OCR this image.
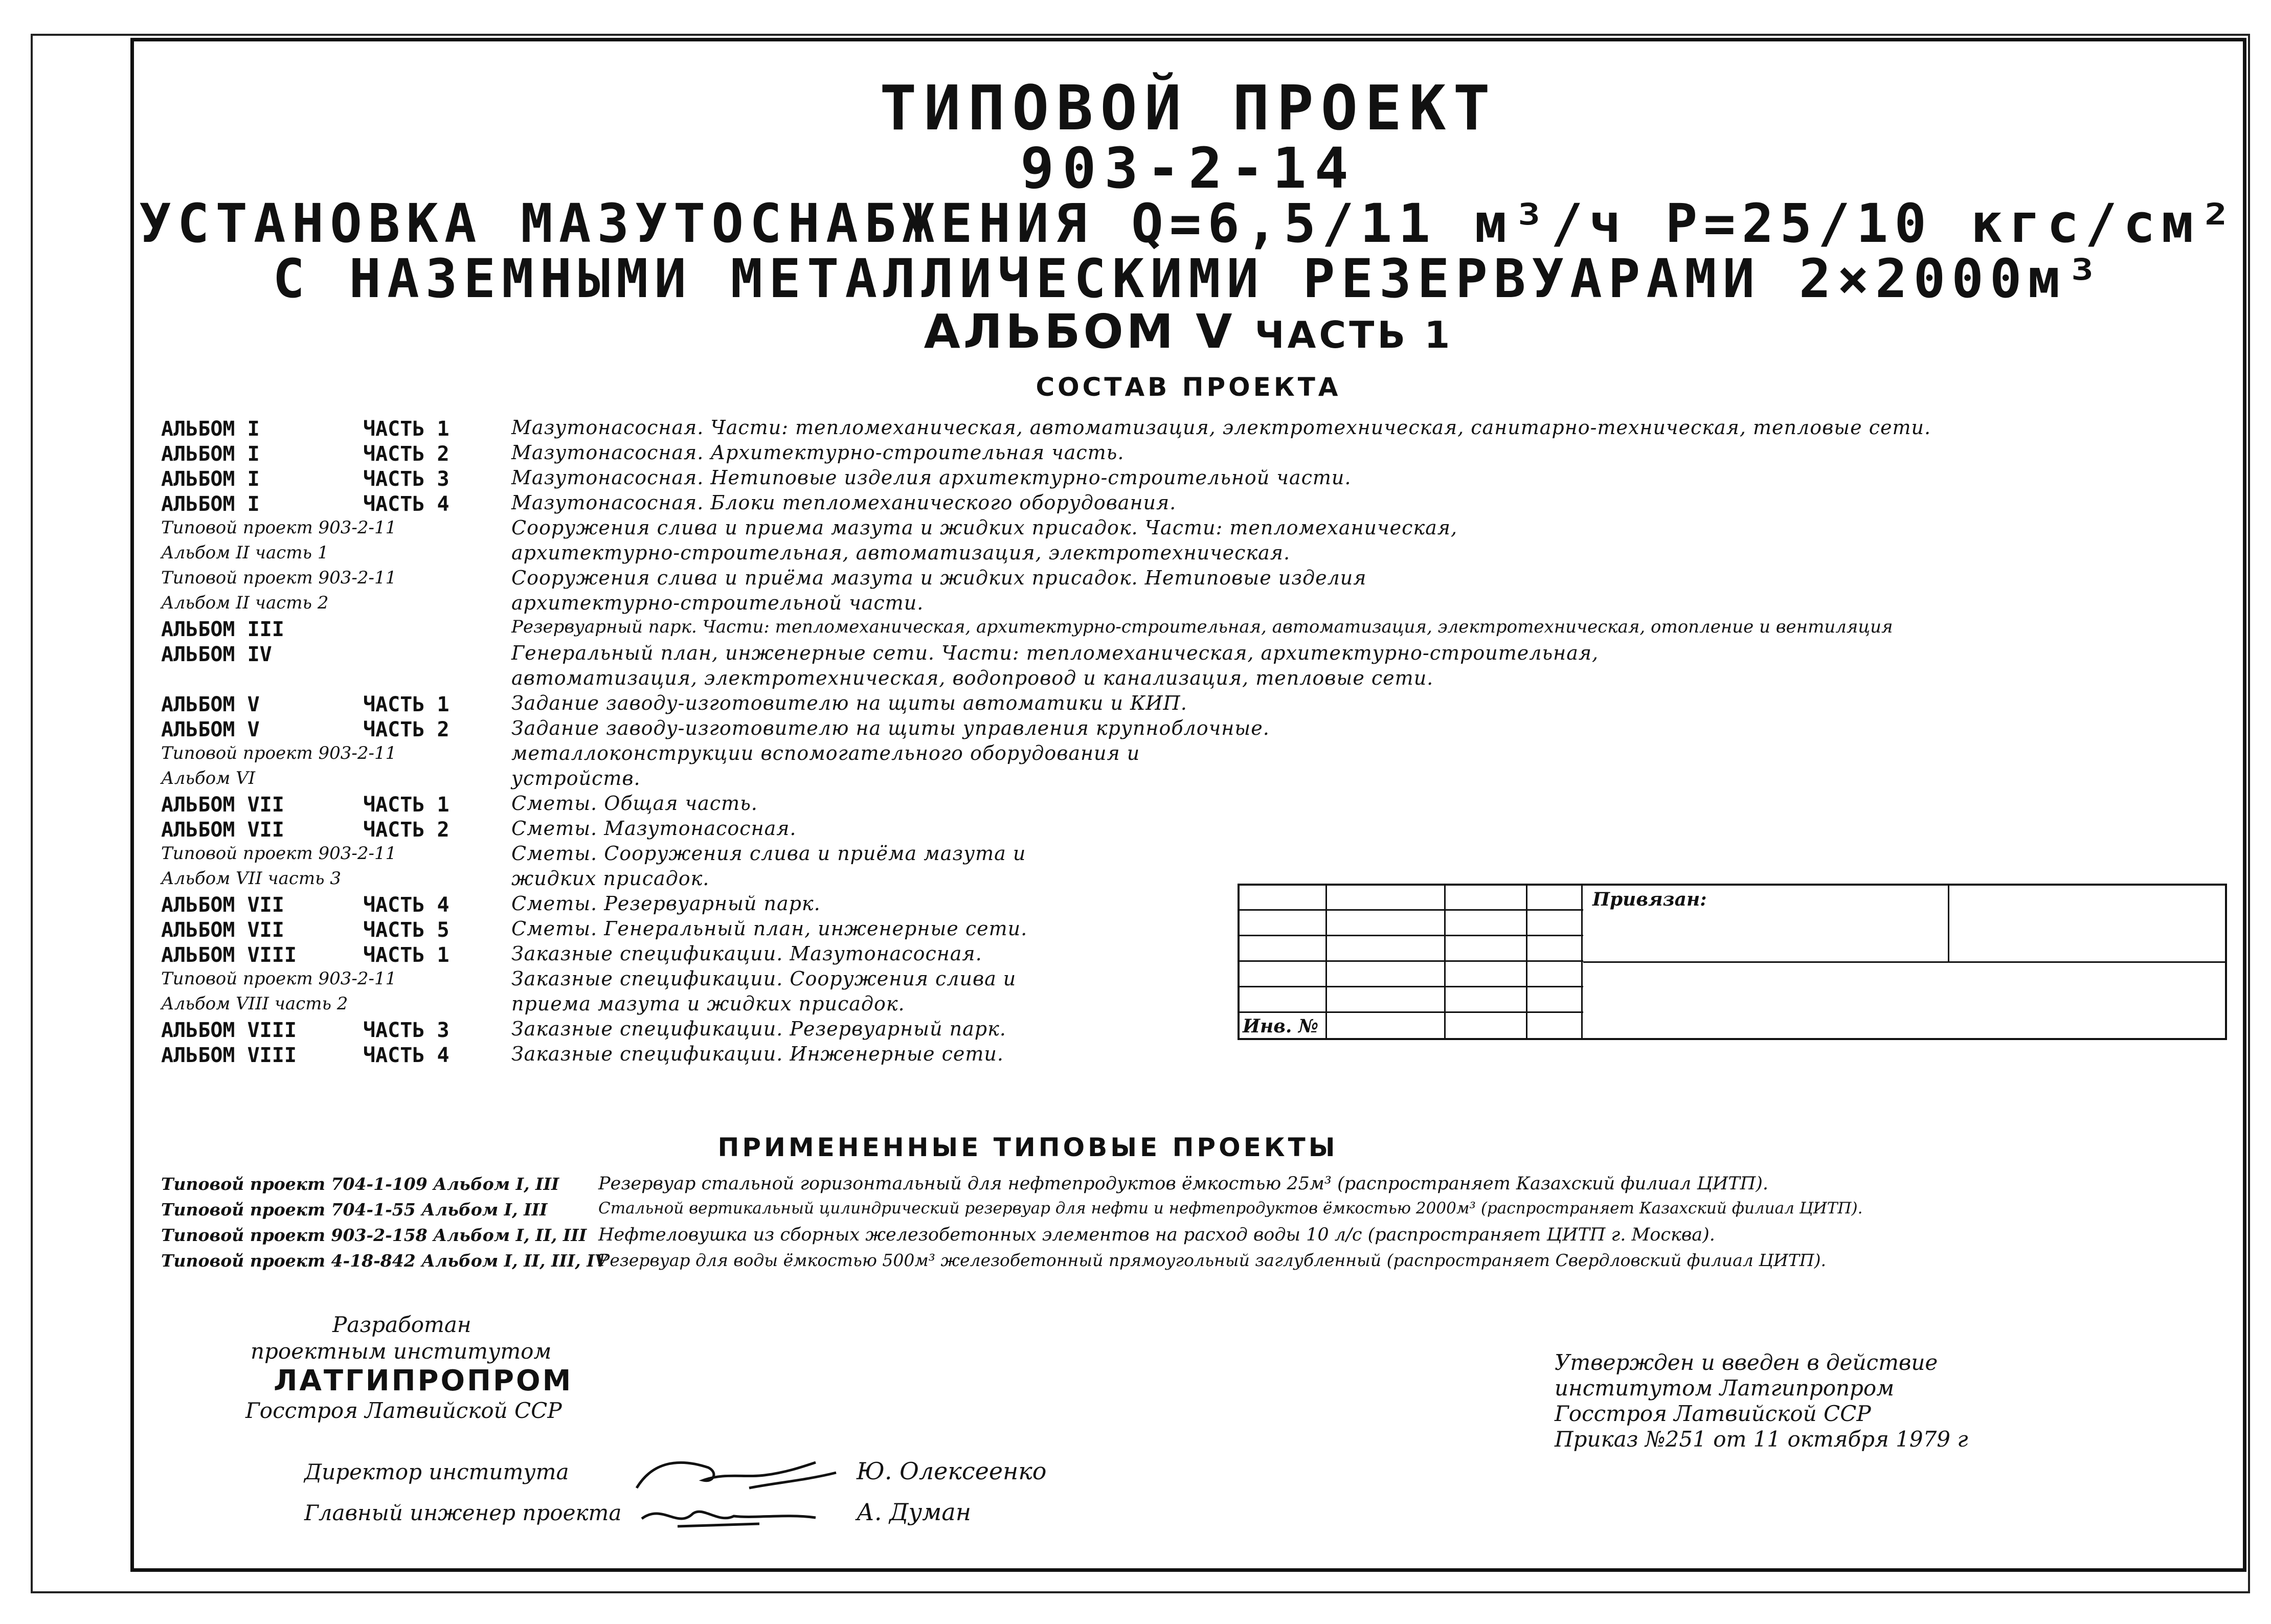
ТИПОВОЙ ПРОЕКТ
903-2-14
УСТАНОВКА МАЗУТОСНАБЖЕНИЯ Q=6,5/11 м³/ч P=25/10 кгс/см²
С НАЗЕМНЫМИ МЕТАЛЛИЧЕСКИМИ РЕЗЕРВУАРАМИ 2×2000м³
АЛЬБОМ V ЧАСТЬ 1
СОСТАВ ПРОЕКТА
АЛЬБОМ I	ЧАСТЬ 1	Мазутонасосная. Части: тепломеханическая, автоматизация, электротехническая, санитарно-техническая, тепловые сети.
АЛЬБОМ I	ЧАСТЬ 2	Мазутонасосная. Архитектурно-строительная часть.
АЛЬБОМ I	ЧАСТЬ 3	Мазутонасосная. Нетиповые изделия архитектурно-строительной части.
АЛЬБОМ I	ЧАСТЬ 4	Мазутонасосная. Блоки тепломеханического оборудования.
Типовой проект 903-2-11	Сооружения слива и приема мазута и жидких присадок. Части: тепломеханическая,
Альбом II часть 1	архитектурно-строительная, автоматизация, электротехническая.
Типовой проект 903-2-11	Сооружения слива и приёма мазута и жидких присадок. Нетиповые изделия
Альбом II часть 2	архитектурно-строительной части.
АЛЬБОМ III	Резервуарный парк. Части: тепломеханическая, архитектурно-строительная, автоматизация, электротехническая, отопление и вентиляция
АЛЬБОМ IV	Генеральный план, инженерные сети. Части: тепломеханическая, архитектурно-строительная,
автоматизация, электротехническая, водопровод и канализация, тепловые сети.
АЛЬБОМ V	ЧАСТЬ 1	Задание заводу-изготовителю на щиты автоматики и КИП.
АЛЬБОМ V	ЧАСТЬ 2	Задание заводу-изготовителю на щиты управления крупноблочные.
Типовой проект 903-2-11	металлоконструкции вспомогательного оборудования и
Альбом VI	устройств.
АЛЬБОМ VII	ЧАСТЬ 1	Сметы. Общая часть.
АЛЬБОМ VII	ЧАСТЬ 2	Сметы. Мазутонасосная.
Типовой проект 903-2-11	Сметы. Сооружения слива и приёма мазута и
Альбом VII часть 3	жидких присадок.
АЛЬБОМ VII	ЧАСТЬ 4	Сметы. Резервуарный парк.
АЛЬБОМ VII	ЧАСТЬ 5	Сметы. Генеральный план, инженерные сети.
АЛЬБОМ VIII	ЧАСТЬ 1	Заказные спецификации. Мазутонасосная.
Типовой проект 903-2-11	Заказные спецификации. Сооружения слива и
Альбом VIII часть 2	приема мазута и жидких присадок.
АЛЬБОМ VIII	ЧАСТЬ 3	Заказные спецификации. Резервуарный парк.
АЛЬБОМ VIII	ЧАСТЬ 4	Заказные спецификации. Инженерные сети.
Инв. №
Привязан:
ПРИМЕНЕННЫЕ ТИПОВЫЕ ПРОЕКТЫ
Типовой проект 704-1-109 Альбом I, III Резервуар стальной горизонтальный для нефтепродуктов ёмкостью 25м³ (распространяет Казахский филиал ЦИТП).
Типовой проект 704-1-55 Альбом I, III	Стальной вертикальный цилиндрический резервуар для нефти и нефтепродуктов ёмкостью 2000м³ (распространяет Казахский филиал ЦИТП).
Типовой проект 903-2-158 Альбом I, II, III Нефтеловушка из сборных железобетонных элементов на расход воды 10 л/с (распространяет ЦИТП г. Москва).
Типовой проект 4-18-842 Альбом I, II, III, IV
Резервуар для воды ёмкостью 500м³ железобетонный прямоугольный заглубленный (распространяет Свердловский филиал ЦИТП).
Разработан
проектным институтом
ЛАТГИПРОПРОМ
Госстроя Латвийской ССР
Утвержден и введен в действие
институтом Латгипропром
Госстроя Латвийской ССР
Приказ №251 от 11 октября 1979 г
Директор института	Ю. Олексеенко
Главный инженер проекта	А. Думан
